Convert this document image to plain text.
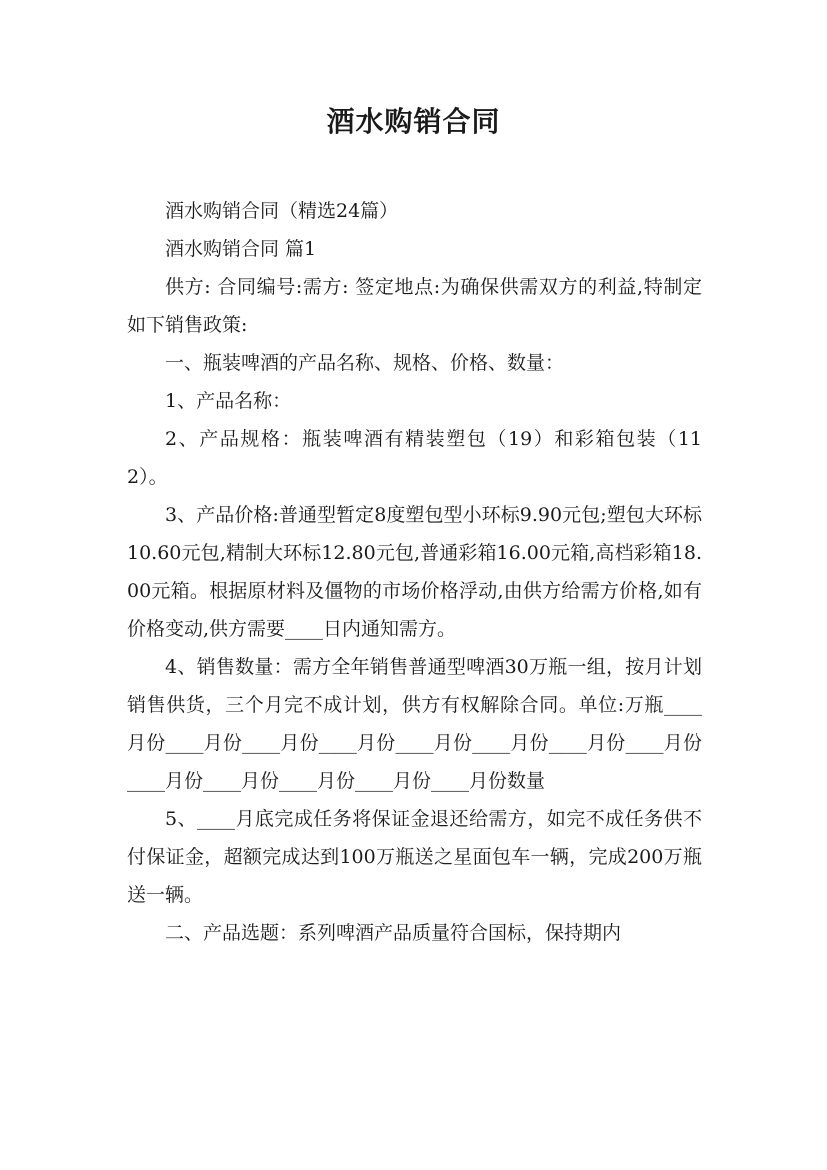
酒水购销合同

酒水购销合同（精选24篇）

酒水购销合同 篇1

供方: 合同编号:需方: 签定地点:为确保供需双方的利益,特制定如下销售政策:

一、瓶装啤酒的产品名称、规格、价格、数量：

1、产品名称：

2、产品规格：瓶装啤酒有精装塑包（19）和彩箱包装（112）。

3、产品价格:普通型暂定8度塑包型小环标9.90元包;塑包大环标10.60元包,精制大环标12.80元包,普通彩箱16.00元箱,高档彩箱18.00元箱。根据原材料及僵物的市场价格浮动,由供方给需方价格,如有价格变动,供方需要____日内通知需方。

4、销售数量：需方全年销售普通型啤酒30万瓶一组，按月计划销售供货，三个月完不成计划，供方有权解除合同。单位:万瓶____月份____月份____月份____月份____月份____月份____月份____月份____月份____月份____月份____月份____月份数量

5、____月底完成任务将保证金退还给需方，如完不成任务供不付保证金，超额完成达到100万瓶送之星面包车一辆，完成200万瓶送一辆。

二、产品选题：系列啤酒产品质量符合国标，保持期内
